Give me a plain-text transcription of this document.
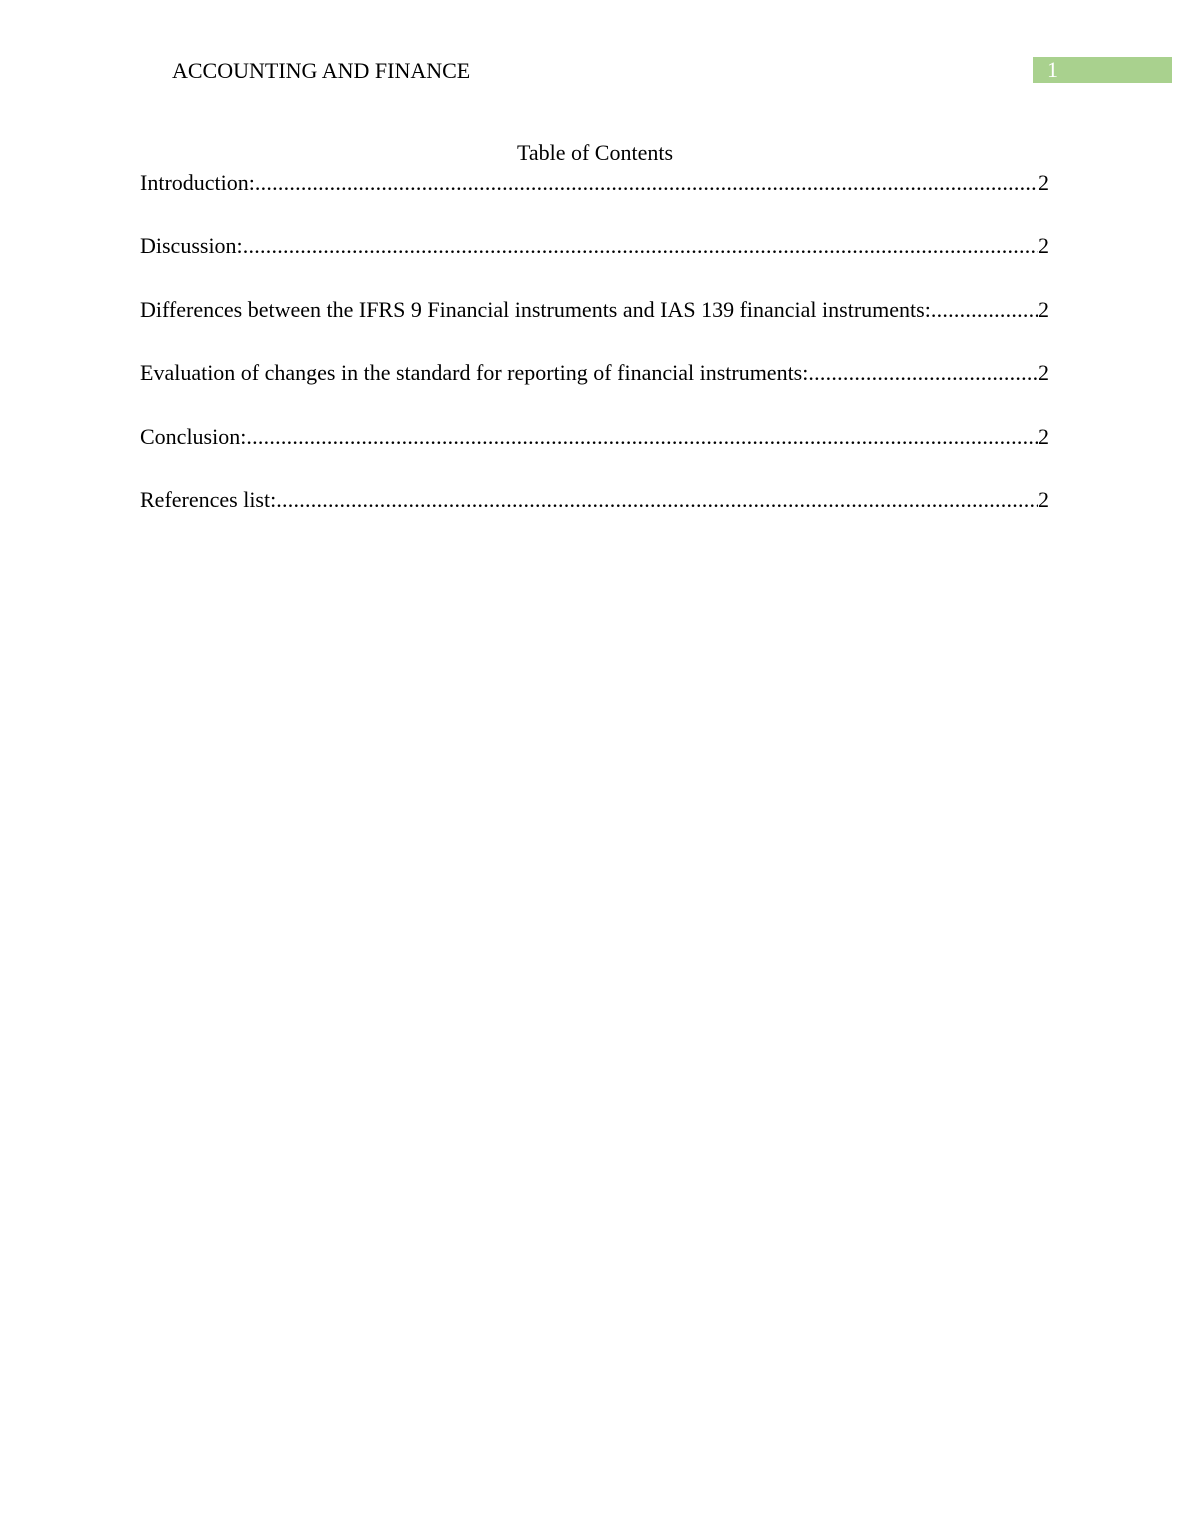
ACCOUNTING AND FINANCE	1
Table of Contents
Introduction: .....	2
Discussion: .....	2
Differences between the IFRS 9 Financial instruments and IAS 139 financial instruments: .....	2
Evaluation of changes in the standard for reporting of financial instruments: .....	2
Conclusion: .....	2
References list: .....	2
